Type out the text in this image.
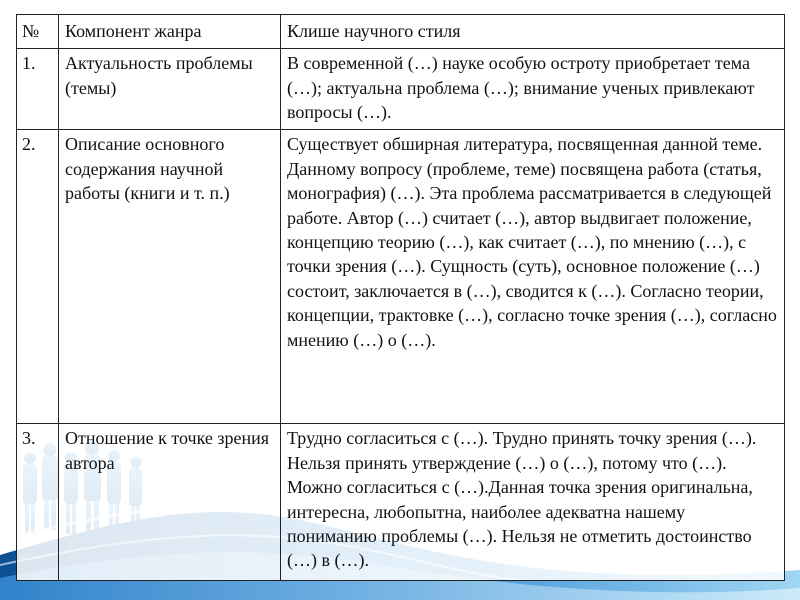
№	Компонент жанра	Клише научного стиля
1.	Актуальность проблемы (темы)	В современной (…) науке особую остроту приобретает тема (…); актуальна проблема (…); внимание ученых привлекают вопросы (…).
2.	Описание основного содержания научной работы (книги и т. п.)	Существует обширная литература, посвященная данной теме. Данному вопросу (проблеме, теме) посвящена работа (статья, монография) (…). Эта проблема рассматривается в следующей работе. Автор (…) считает (…), автор выдвигает положение, концепцию теорию (…), как считает (…), по мнению (…), с точки зрения (…). Сущность (суть), основное положение (…) состоит, заключается в (…), сводится к (…). Согласно теории, концепции, трактовке (…), согласно точке зрения (…), согласно мнению (…) о (…).
3.	Отношение к точке зрения автора	Трудно согласиться с (…). Трудно принять точку зрения (…). Нельзя принять утверждение (…) о (…), потому что (…). Можно согласиться с (…).Данная точка зрения оригинальна, интересна, любопытна, наиболее адекватна нашему пониманию проблемы (…). Нельзя не отметить достоинство (…) в (…).
